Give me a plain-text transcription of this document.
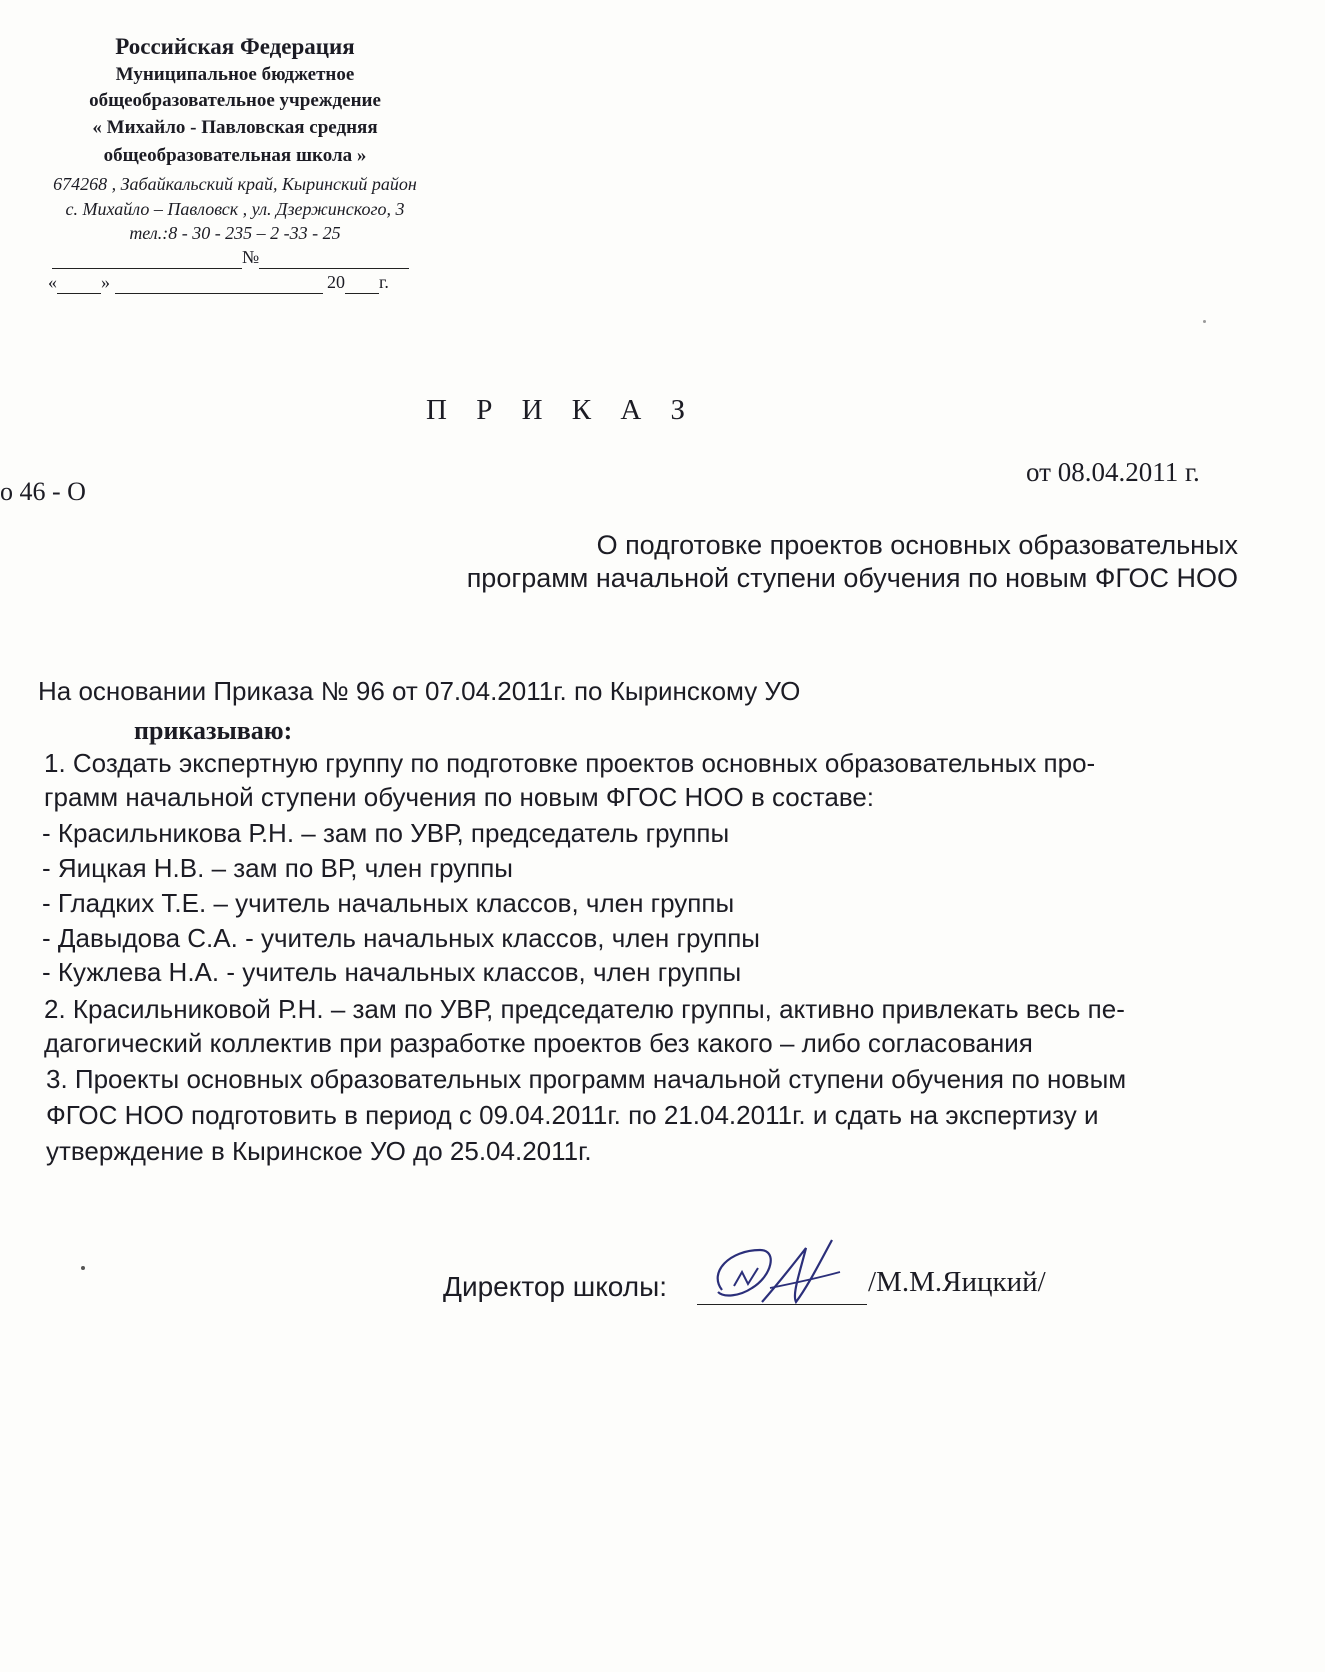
Российская Федерация
Муниципальное бюджетное
общеобразовательное учреждение
« Михайло - Павловская средняя
общеобразовательная школа »
674268 , Забайкальский край, Кыринский район
с. Михайло – Павловск , ул. Дзержинского, 3
тел.:8 - 30 - 235 – 2 -33 - 25
№
« »	20 г.
П Р И К А З
о 46 - О
от 08.04.2011 г.
О подготовке проектов основных образовательных
программ начальной ступени обучения по новым ФГОС НОО
На основании Приказа № 96 от 07.04.2011г. по Кыринскому УО
приказываю:
1. Создать экспертную группу по подготовке проектов основных образовательных про-
грамм начальной ступени обучения по новым ФГОС НОО в составе:
- Красильникова Р.Н. – зам по УВР, председатель группы
- Яицкая Н.В. – зам по ВР, член группы
- Гладких Т.Е. – учитель начальных классов, член группы
- Давыдова С.А. - учитель начальных классов, член группы
- Кужлева Н.А. - учитель начальных классов, член группы
2. Красильниковой Р.Н. – зам по УВР, председателю группы, активно привлекать весь пе-
дагогический коллектив при разработке проектов без какого – либо согласования
3. Проекты основных образовательных программ начальной ступени обучения по новым
ФГОС НОО подготовить в период с 09.04.2011г. по 21.04.2011г. и сдать на экспертизу и
утверждение в Кыринское УО до 25.04.2011г.
Директор школы:	/М.М.Яицкий/
